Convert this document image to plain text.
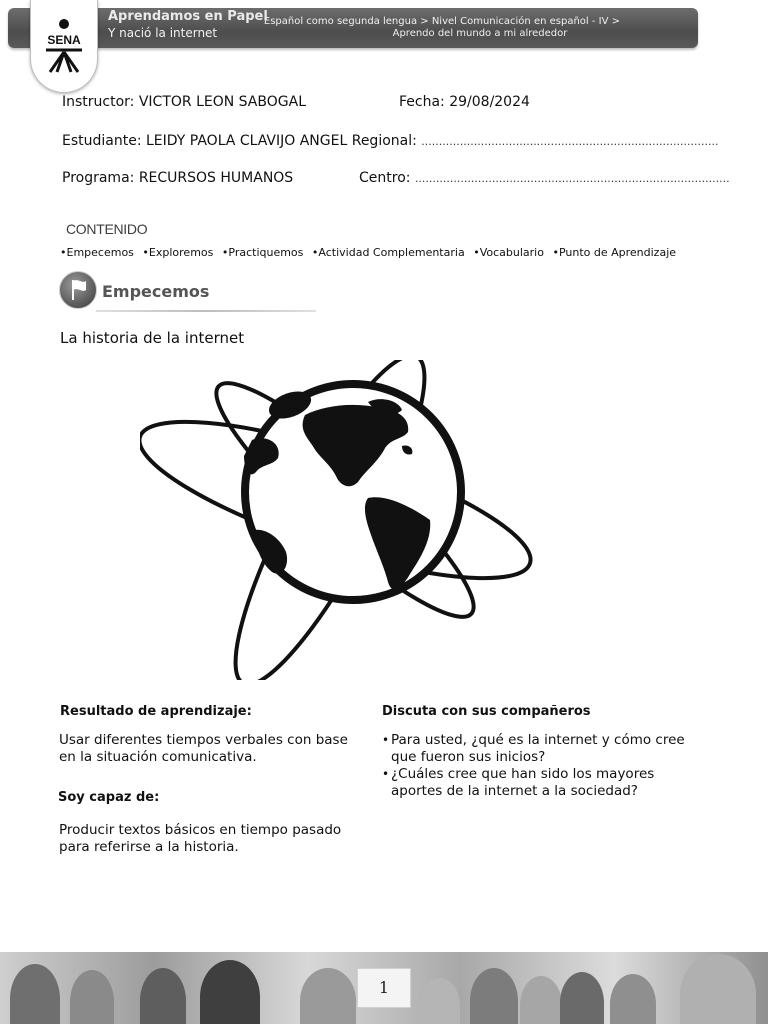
Aprendamos en Papel
Y nació la internet
Español como segunda lengua > Nivel Comunicación en español - IV >
Aprendo del mundo a mi alrededor
SENA
Instructor: VICTOR LEON SABOGAL	Fecha: 29/08/2024
Estudiante: LEIDY PAOLA CLAVIJO ANGEL Regional: .....................................................................................
Programa: RECURSOS HUMANOS	Centro: ..........................................................................................
CONTENIDO
• Empecemos • Exploremos • Practiquemos • Actividad Complementaria • Vocabulario • Punto de Aprendizaje
Empecemos
La historia de la internet
Resultado de aprendizaje:
Usar diferentes tiempos verbales con base en la situación comunicativa.
Soy capaz de:
Producir textos básicos en tiempo pasado para referirse a la historia.
Discuta con sus compañeros
• Para usted, ¿qué es la internet y cómo cree que fueron sus inicios?
• ¿Cuáles cree que han sido los mayores aportes de la internet a la sociedad?
1
